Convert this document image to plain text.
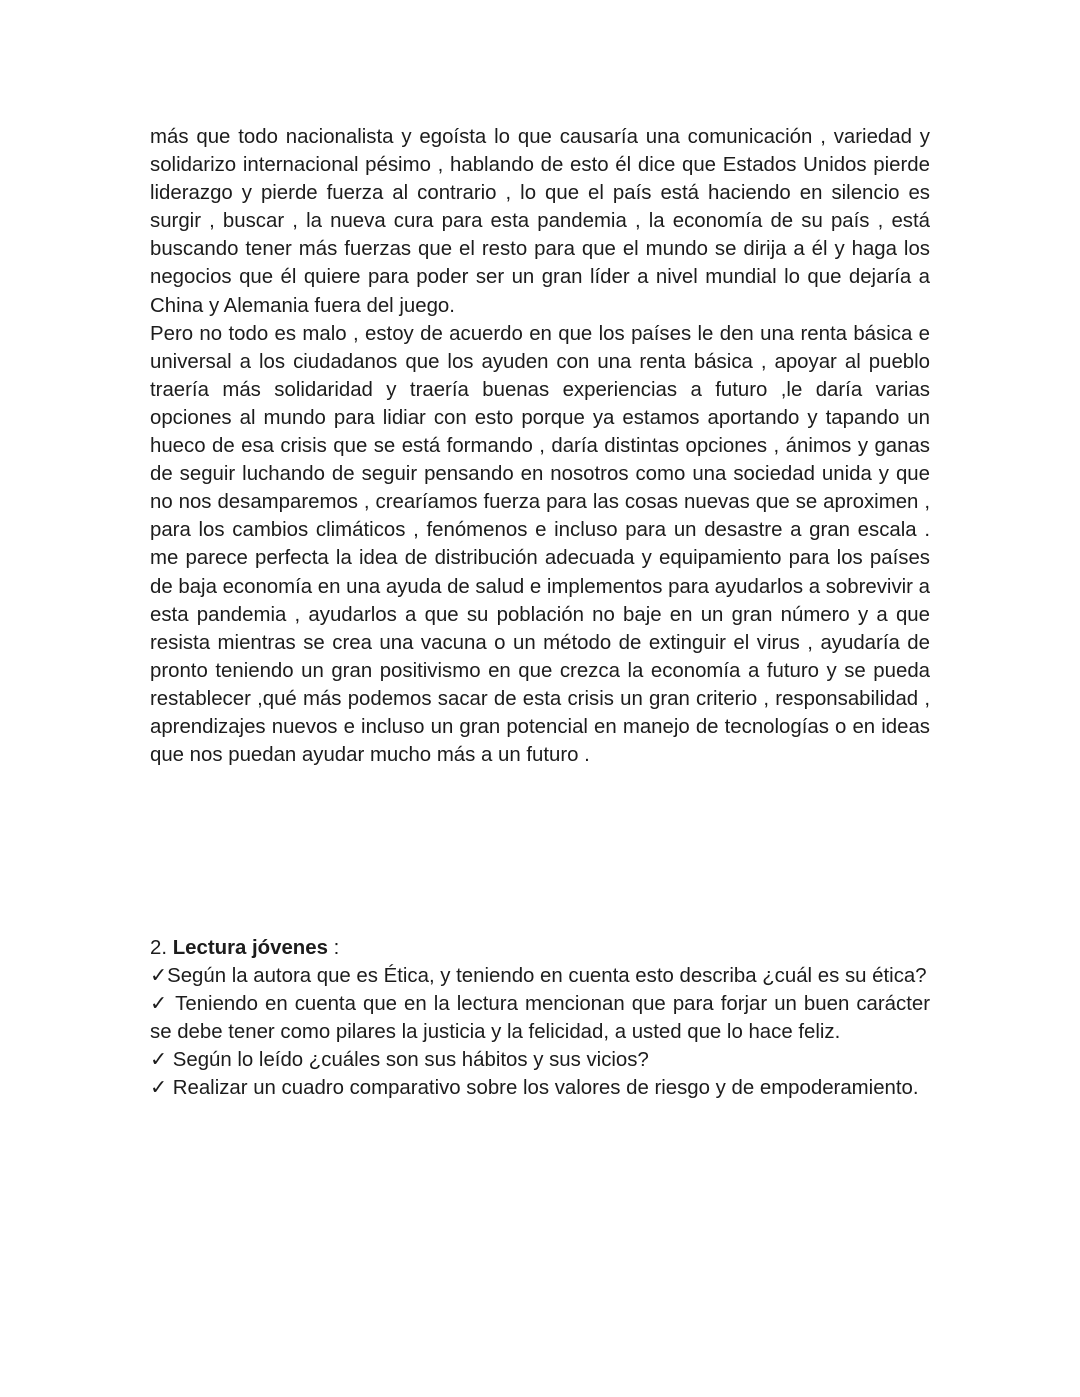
más que todo nacionalista y egoísta lo que causaría una comunicación , variedad y solidarizo internacional pésimo , hablando de esto él dice que Estados Unidos pierde liderazgo y pierde fuerza al contrario , lo que el país está haciendo en silencio es surgir , buscar , la nueva cura para esta pandemia , la economía de su país , está buscando tener más fuerzas que el resto para que el mundo se dirija a él y haga los negocios que él quiere para poder ser un gran líder a nivel mundial lo que dejaría a China y Alemania fuera del juego.

Pero no todo es malo , estoy de acuerdo en que los países le den una renta básica e universal a los ciudadanos que los ayuden con una renta básica , apoyar al pueblo traería más solidaridad y traería buenas experiencias a futuro ,le daría varias opciones al mundo para lidiar con esto porque ya estamos aportando y tapando un hueco de esa crisis que se está formando , daría distintas opciones , ánimos y ganas de seguir luchando de seguir pensando en nosotros como una sociedad unida y que no nos desamparemos , crearíamos fuerza para las cosas nuevas que se aproximen , para los cambios climáticos , fenómenos e incluso para un desastre a gran escala . me parece perfecta la idea de distribución adecuada y equipamiento para los países de baja economía en una ayuda de salud e implementos para ayudarlos a sobrevivir a esta pandemia , ayudarlos a que su población no baje en un gran número y a que resista mientras se crea una vacuna o un método de extinguir el virus , ayudaría de pronto teniendo un gran positivismo en que crezca la economía a futuro y se pueda restablecer ,qué más podemos sacar de esta crisis un gran criterio , responsabilidad , aprendizajes nuevos e incluso un gran potencial en manejo de tecnologías o en ideas que nos puedan ayudar mucho más a un futuro .

2. Lectura jóvenes :

✓Según la autora que es Ética, y teniendo en cuenta esto describa ¿cuál es su ética?

✓ Teniendo en cuenta que en la lectura mencionan que para forjar un buen carácter se debe tener como pilares la justicia y la felicidad, a usted que lo hace feliz.

✓ Según lo leído ¿cuáles son sus hábitos y sus vicios?

✓ Realizar un cuadro comparativo sobre los valores de riesgo y de empoderamiento.
